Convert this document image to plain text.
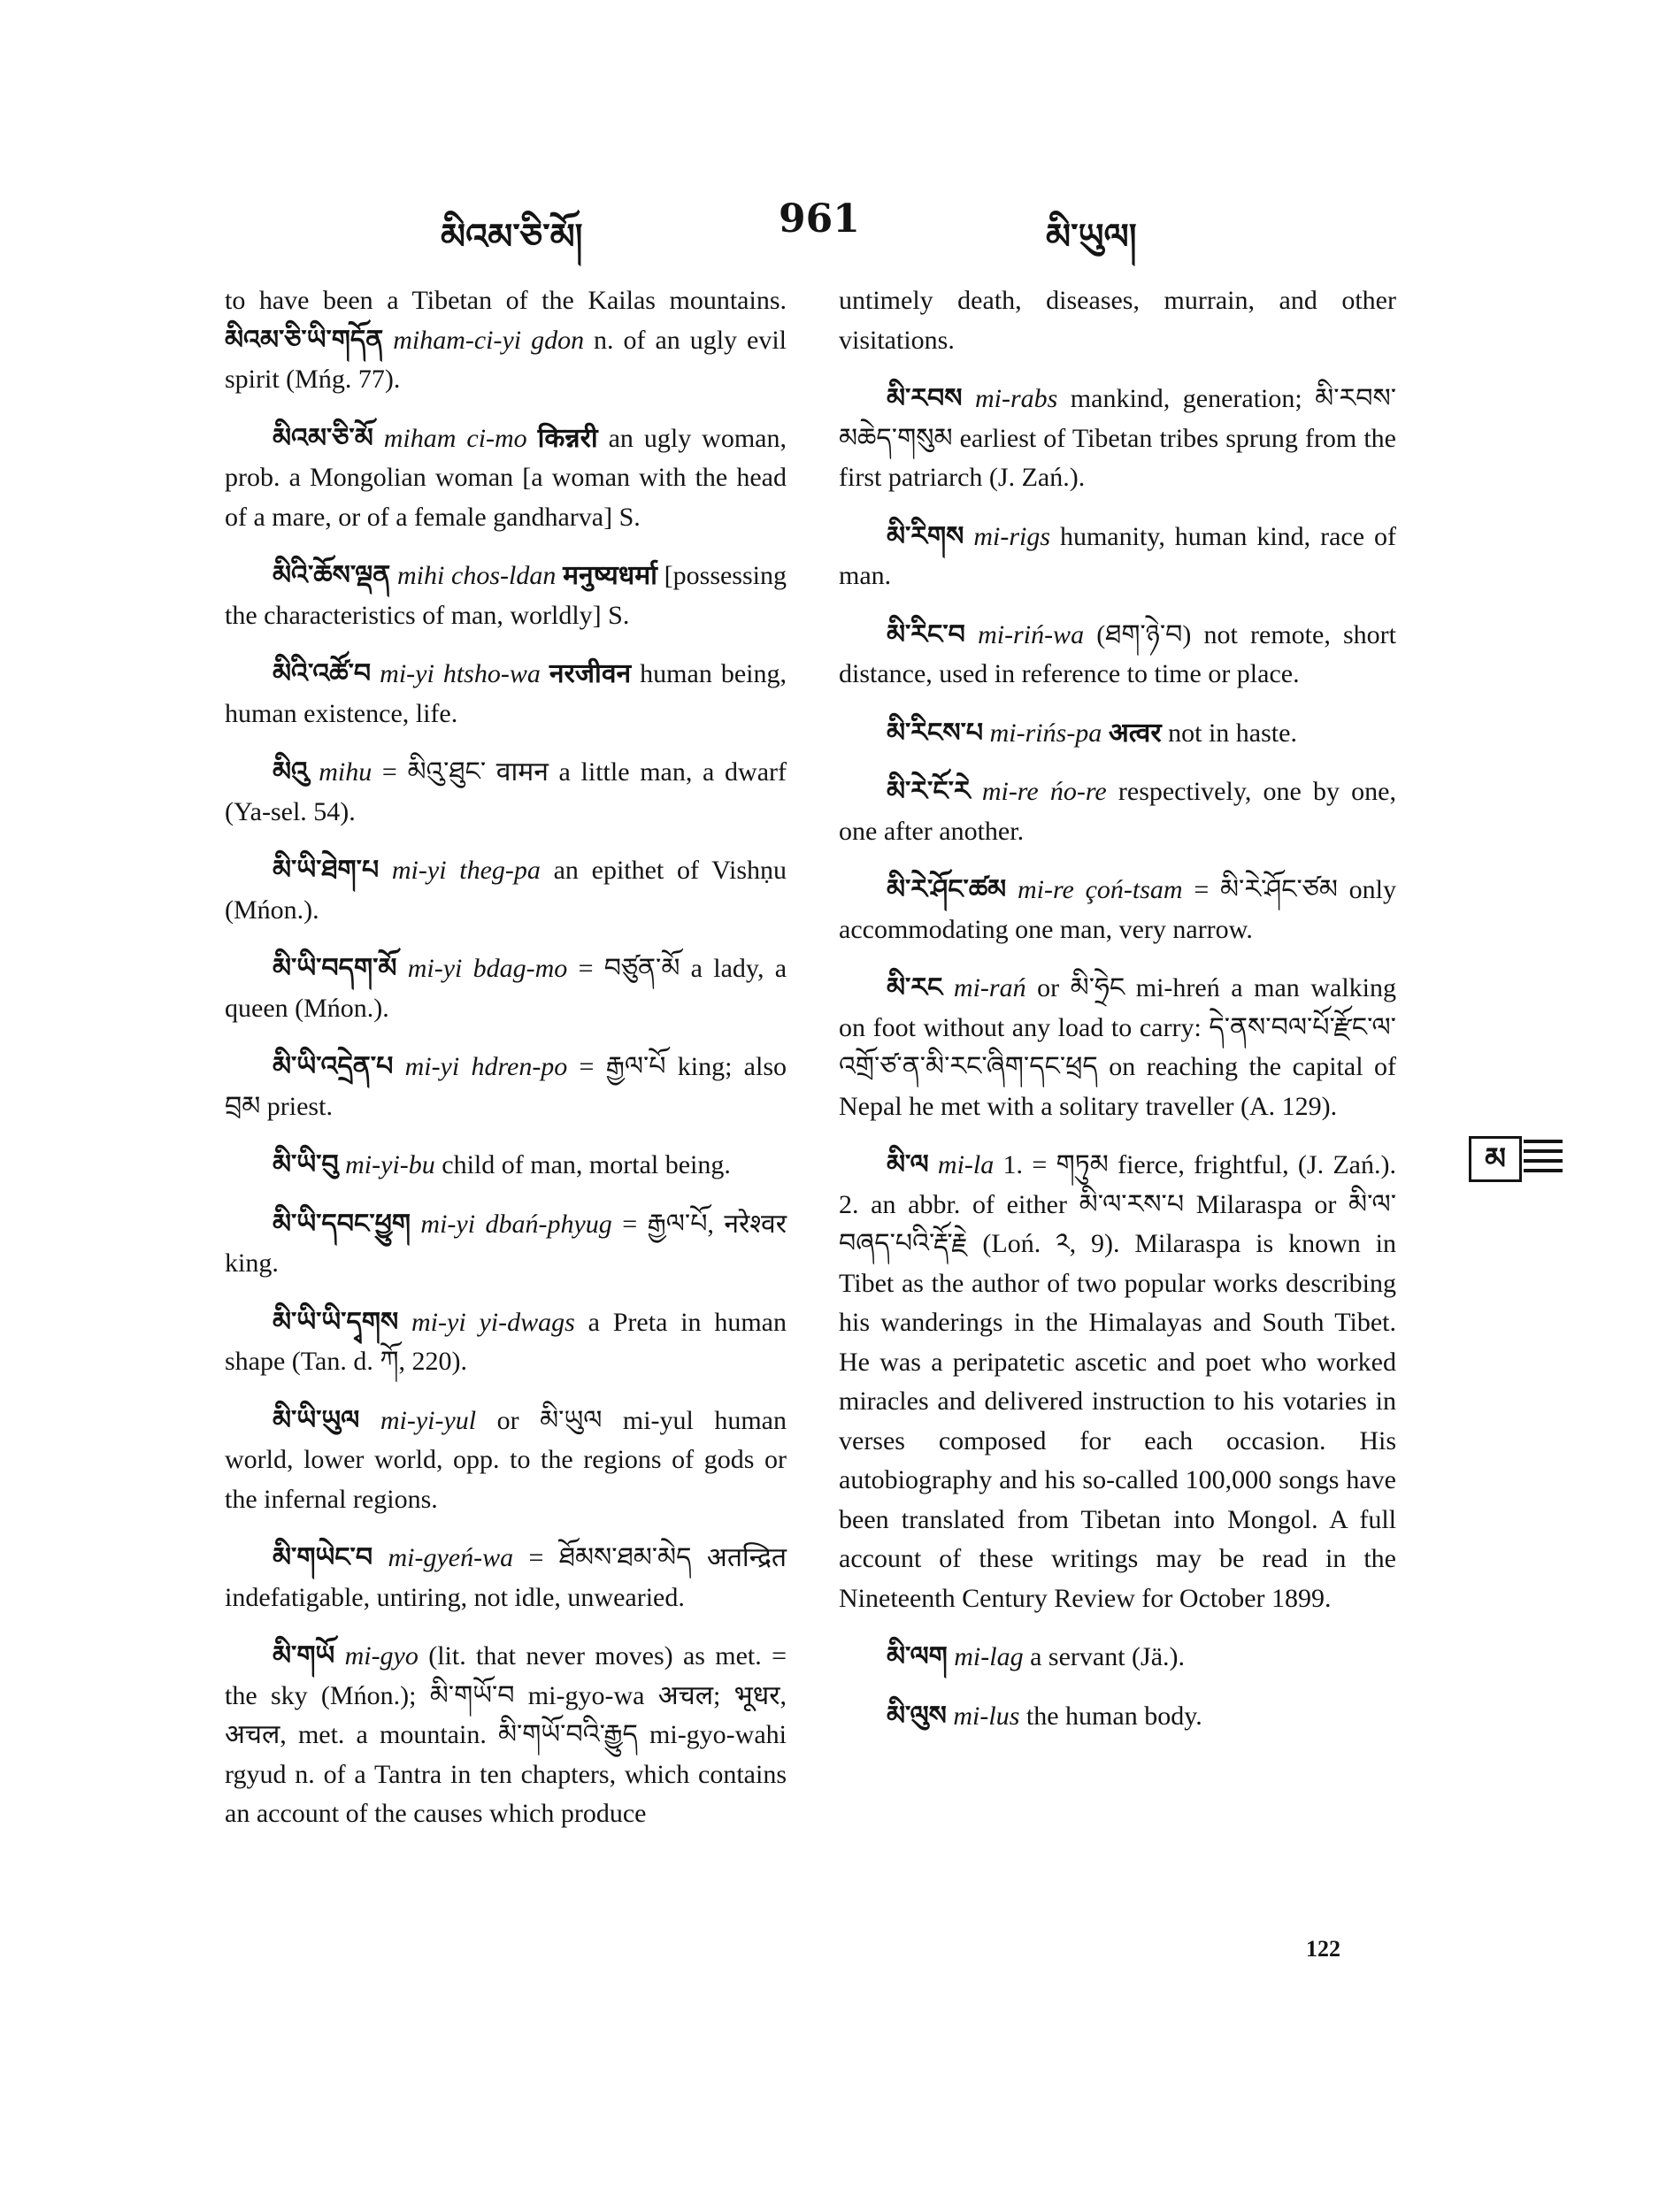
མིའམ་ཅི་མོ།	961	མི་ཡུལ།

to have been a Tibetan of the Kailas mountains. མིའམ་ཅི་ཡི་གདོན miham-ci-yi gdon n. of an ugly evil spirit (Mńg. 77).

མིའམ་ཅི་མོ miham ci-mo किन्नरी an ugly woman, prob. a Mongolian woman [a woman with the head of a mare, or of a female gandharva] S.

མིའི་ཆོས་ལྡན mihi chos-ldan मनुष्यधर्मा [possessing the characteristics of man, worldly] S.

མིའི་འཚོ་བ mi-yi htsho-wa नरजीवन human being, human existence, life.

མིའུ mihu = མིའུ་ཐུང་ वामन a little man, a dwarf (Ya-sel. 54).

མི་ཡི་ཐེག་པ mi-yi theg-pa an epithet of Vishṇu (Mńon.).

མི་ཡི་བདག་མོ mi-yi bdag-mo = བཙུན་མོ a lady, a queen (Mńon.).

མི་ཡི་འདྲེན་པ mi-yi hdren-po = རྒྱལ་པོ king; also བྲམ priest.

མི་ཡི་བུ mi-yi-bu child of man, mortal being.

མི་ཡི་དབང་ཕྱུག mi-yi dbań-phyug = རྒྱལ་པོ, नरेश्वर king.

མི་ཡི་ཡི་དྭགས mi-yi yi-dwags a Preta in human shape (Tan. d. ཀོ, 220).

མི་ཡི་ཡུལ mi-yi-yul or མི་ཡུལ mi-yul human world, lower world, opp. to the regions of gods or the infernal regions.

མི་གཡེང་བ mi-gyeń-wa = ཐོམས་ཐམ་མེད अतन्द्रित indefatigable, untiring, not idle, unwearied.

མི་གཡོ mi-gyo (lit. that never moves) as met. = the sky (Mńon.); མི་གཡོ་བ mi-gyo-wa अचल; भूधर, अचल, met. a mountain. མི་གཡོ་བའི་རྒྱུད mi-gyo-wahi rgyud n. of a Tantra in ten chapters, which contains an account of the causes which produce

untimely death, diseases, murrain, and other visitations.

མི་རབས mi-rabs mankind, generation; མི་རབས་མཆེད་གསུམ earliest of Tibetan tribes sprung from the first patriarch (J. Zań.).

མི་རིགས mi-rigs humanity, human kind, race of man.

མི་རིང་བ mi-riń-wa (ཐག་ཉེ་བ) not remote, short distance, used in reference to time or place.

མི་རིངས་པ mi-rińs-pa अत्वर not in haste.

མི་རེ་ངོ་རེ mi-re ńo-re respectively, one by one, one after another.

མི་རེ་ཤོང་ཚམ mi-re çoń-tsam = མི་རེ་ཤོང་ཙམ only accommodating one man, very narrow.

མི་རང mi-rań or མི་ཧྲེང mi-hreń a man walking on foot without any load to carry: དེ་ནས་བལ་པོ་རྫོང་ལ་འགྲོ་ཙ་ན་མི་རང་ཞིག་དང་ཕྲད on reaching the capital of Nepal he met with a solitary traveller (A. 129).

མི་ལ mi-la 1. = གཏུམ fierce, frightful, (J. Zań.). 2. an abbr. of either མི་ལ་རས་པ Milaraspa or མི་ལ་བཞད་པའི་རྡོ་རྗེ (Loń. ༢, 9). Milaraspa is known in Tibet as the author of two popular works describing his wanderings in the Himalayas and South Tibet. He was a peripatetic ascetic and poet who worked miracles and delivered instruction to his votaries in verses composed for each occasion. His autobiography and his so-called 100,000 songs have been translated from Tibetan into Mongol. A full account of these writings may be read in the Nineteenth Century Review for October 1899.

མི་ལག mi-lag a servant (Jä.).

མི་ལུས mi-lus the human body.

མ
122
